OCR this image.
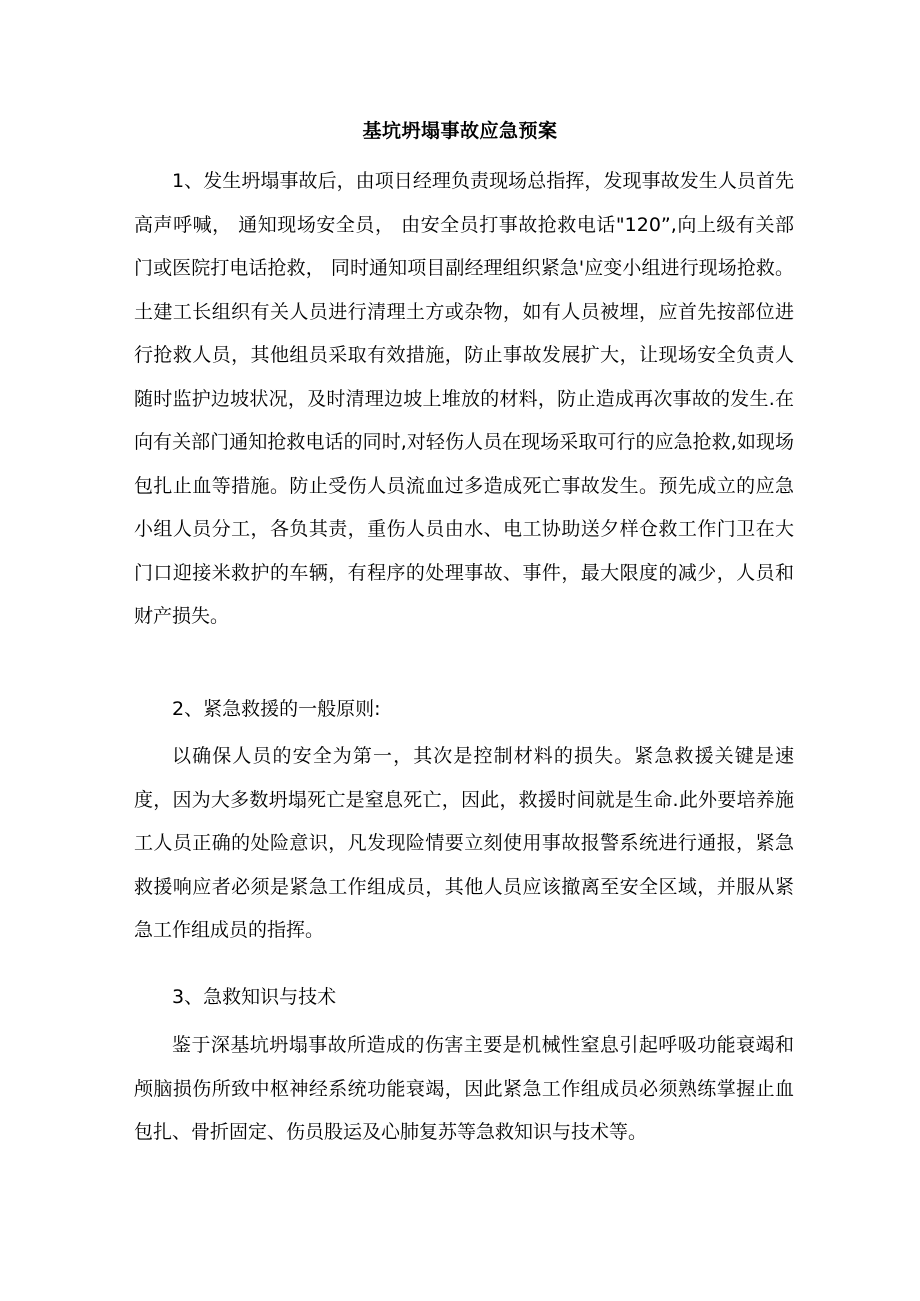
基坑坍塌事故应急预案

1、发生坍塌事故后，由项日经理负责现场总指挥，发现事故发生人员首先高声呼喊， 通知现场安全员， 由安全员打事故抢救电话"120”,向上级有关部门或医院打电话抢救， 同时通知项目副经理组织紧急'应变小组进行现场抢救。土建工长组织有关人员进行清理土方或杂物，如有人员被埋，应首先按部位进行抢救人员，其他组员采取有效措施，防止事故发展扩大，让现场安全负责人随时监护边坡状况，及时清理边坡上堆放的材料，防止造成再次事故的发生.在向有关部门通知抢救电话的同时,对轻伤人员在现场采取可行的应急抢救,如现场包扎止血等措施。防止受伤人员流血过多造成死亡事故发生。预先成立的应急小组人员分工，各负其责，重伤人员由水、电工协助送夕样仓救工作门卫在大门口迎接米救护的车辆，有程序的处理事故、事件，最大限度的减少，人员和财产损失。

2、紧急救援的一般原则:

以确保人员的安全为第一，其次是控制材料的损失。紧急救援关键是速度，因为大多数坍塌死亡是窒息死亡，因此，救援时间就是生命.此外要培养施工人员正确的处险意识，凡发现险情要立刻使用事故报警系统进行通报，紧急救援响应者必须是紧急工作组成员，其他人员应该撤离至安全区域，并服从紧急工作组成员的指挥。

3、急救知识与技术

鉴于深基坑坍塌事故所造成的伤害主要是机械性窒息引起呼吸功能衰竭和颅脑损伤所致中枢神经系统功能衰竭，因此紧急工作组成员必须熟练掌握止血包扎、骨折固定、伤员股运及心肺复苏等急救知识与技术等。
